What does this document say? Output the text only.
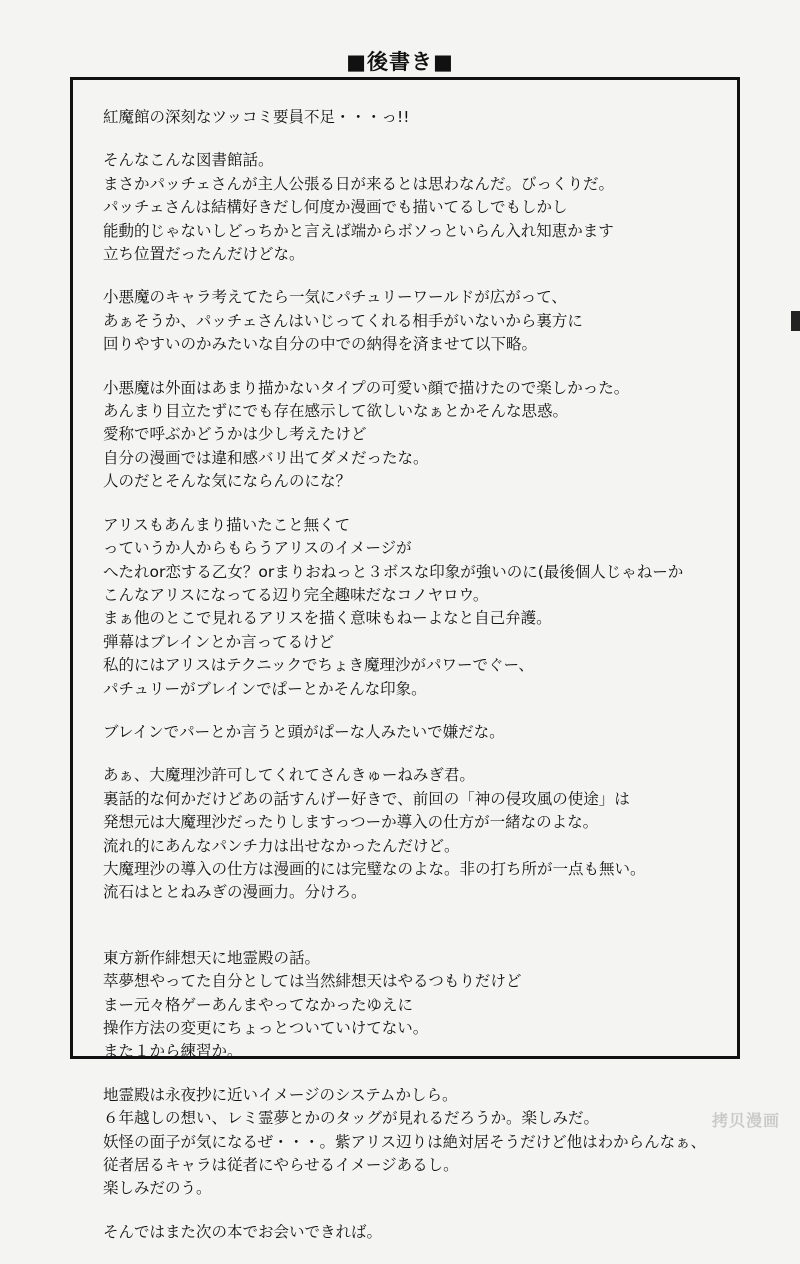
■後書き■
紅魔館の深刻なツッコミ要員不足・・・っ!!
そんなこんな図書館話。
まさかパッチェさんが主人公張る日が来るとは思わなんだ。びっくりだ。
パッチェさんは結構好きだし何度か漫画でも描いてるしでもしかし
能動的じゃないしどっちかと言えば端からボソっといらん入れ知恵かます
立ち位置だったんだけどな。
小悪魔のキャラ考えてたら一気にパチュリーワールドが広がって、
あぁそうか、パッチェさんはいじってくれる相手がいないから裏方に
回りやすいのかみたいな自分の中での納得を済ませて以下略。
小悪魔は外面はあまり描かないタイプの可愛い顔で描けたので楽しかった。
あんまり目立たずにでも存在感示して欲しいなぁとかそんな思惑。
愛称で呼ぶかどうかは少し考えたけど
自分の漫画では違和感バリ出てダメだったな。
人のだとそんな気にならんのにな？
アリスもあんまり描いたこと無くて
っていうか人からもらうアリスのイメージが
へたれor恋する乙女？orまりおねっと３ボスな印象が強いのに(最後個人じゃねーか
こんなアリスになってる辺り完全趣味だなコノヤロウ。
まぁ他のとこで見れるアリスを描く意味もねーよなと自己弁護。
弾幕はブレインとか言ってるけど
私的にはアリスはテクニックでちょき魔理沙がパワーでぐー、
パチュリーがブレインでぱーとかそんな印象。
ブレインでパーとか言うと頭がぱーな人みたいで嫌だな。
あぁ、大魔理沙許可してくれてさんきゅーねみぎ君。
裏話的な何かだけどあの話すんげー好きで、前回の「神の侵攻風の使途」は
発想元は大魔理沙だったりしますっつーか導入の仕方が一緒なのよな。
流れ的にあんなパンチ力は出せなかったんだけど。
大魔理沙の導入の仕方は漫画的には完璧なのよな。非の打ち所が一点も無い。
流石はととねみぎの漫画力。分けろ。
東方新作緋想天に地霊殿の話。
萃夢想やってた自分としては当然緋想天はやるつもりだけど
まー元々格ゲーあんまやってなかったゆえに
操作方法の変更にちょっとついていけてない。
また１から練習か。
地霊殿は永夜抄に近いイメージのシステムかしら。
６年越しの想い、レミ霊夢とかのタッグが見れるだろうか。楽しみだ。
妖怪の面子が気になるぜ・・・。紫アリス辺りは絶対居そうだけど他はわからんなぁ、
従者居るキャラは従者にやらせるイメージあるし。
楽しみだのう。
そんではまた次の本でお会いできれば。
拷贝漫画
